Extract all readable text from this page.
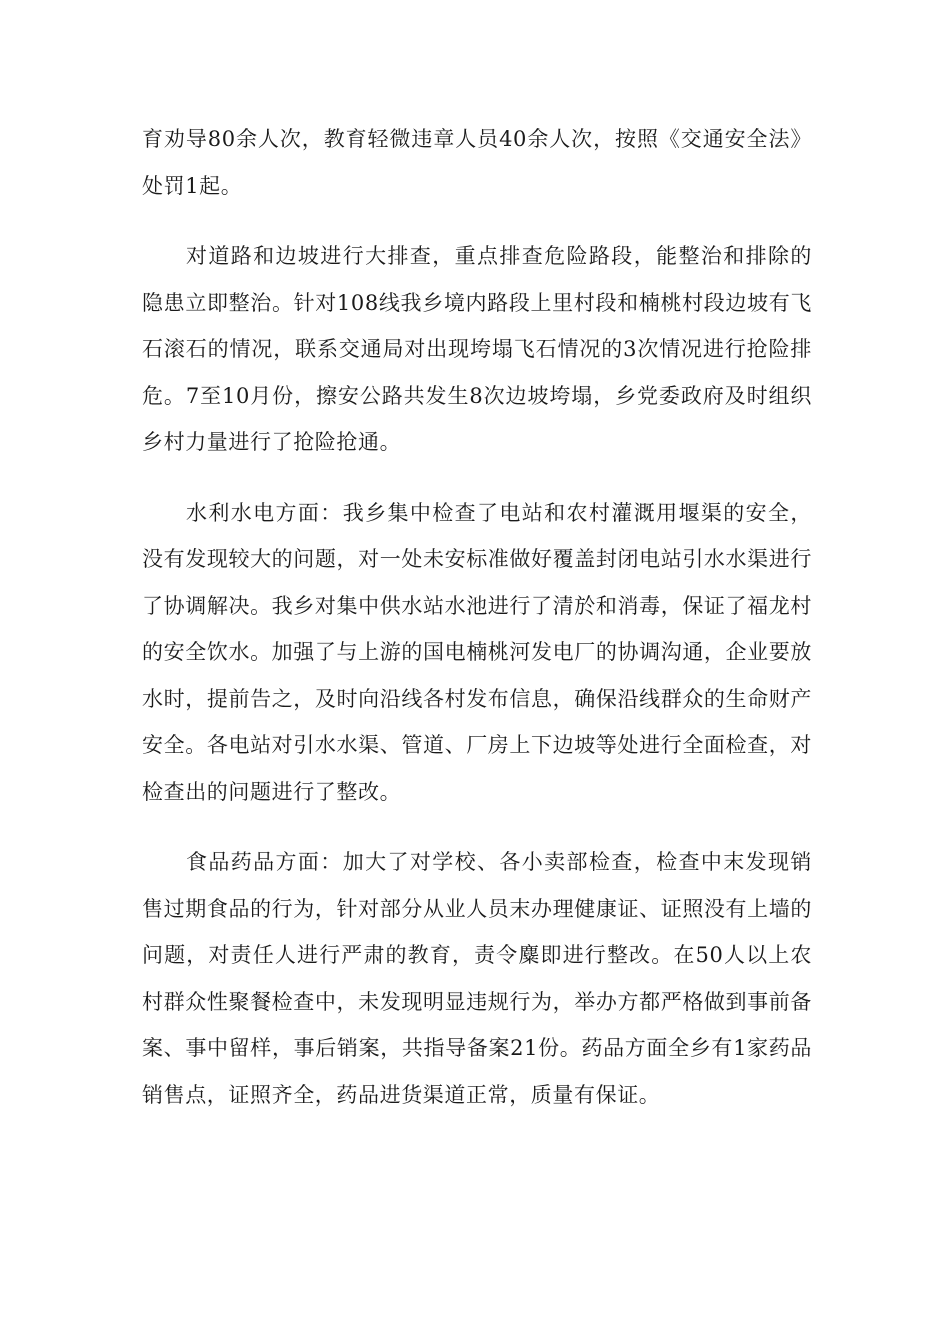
育劝导80余人次，教育轻微违章人员40余人次，按照《交通安全法》处罚1起。

对道路和边坡进行大排查，重点排查危险路段，能整治和排除的隐患立即整治。针对108线我乡境内路段上里村段和楠桃村段边坡有飞石滚石的情况，联系交通局对出现垮塌飞石情况的3次情况进行抢险排危。7至10月份，擦安公路共发生8次边坡垮塌，乡党委政府及时组织乡村力量进行了抢险抢通。

水利水电方面：我乡集中检查了电站和农村灌溉用堰渠的安全，没有发现较大的问题，对一处未安标准做好覆盖封闭电站引水水渠进行了协调解决。我乡对集中供水站水池进行了清於和消毒，保证了福龙村的安全饮水。加强了与上游的国电楠桃河发电厂的协调沟通，企业要放水时，提前告之，及时向沿线各村发布信息，确保沿线群众的生命财产安全。各电站对引水水渠、管道、厂房上下边坡等处进行全面检查，对检查出的问题进行了整改。

食品药品方面：加大了对学校、各小卖部检查，检查中末发现销售过期食品的行为，针对部分从业人员末办理健康证、证照没有上墙的问题，对责任人进行严肃的教育，责令麋即进行整改。在50人以上农村群众性聚餐检查中，未发现明显违规行为，举办方都严格做到事前备案、事中留样，事后销案，共指导备案21份。药品方面全乡有1家药品销售点，证照齐全，药品进货渠道正常，质量有保证。
